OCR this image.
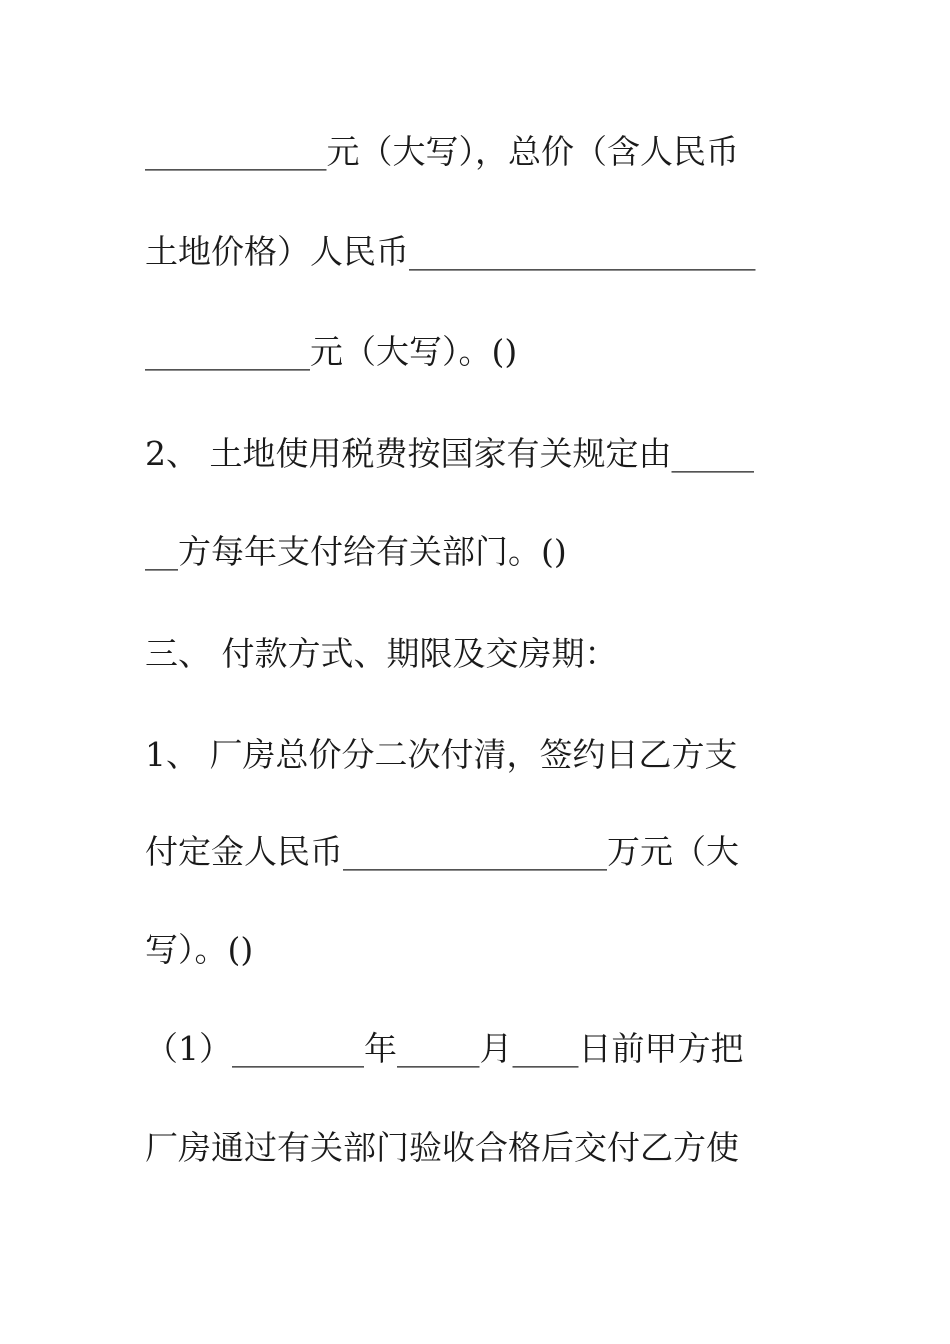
___________元（大写），总价（含人民币
土地价格）人民币_____________________
__________元（大写）。()
2、 土地使用税费按国家有关规定由_____
__方每年支付给有关部门。()
三、 付款方式、期限及交房期：
1、 厂房总价分二次付清，签约日乙方支
付定金人民币________________万元（大
写）。()
（1）________年_____月____日前甲方把
厂房通过有关部门验收合格后交付乙方使
